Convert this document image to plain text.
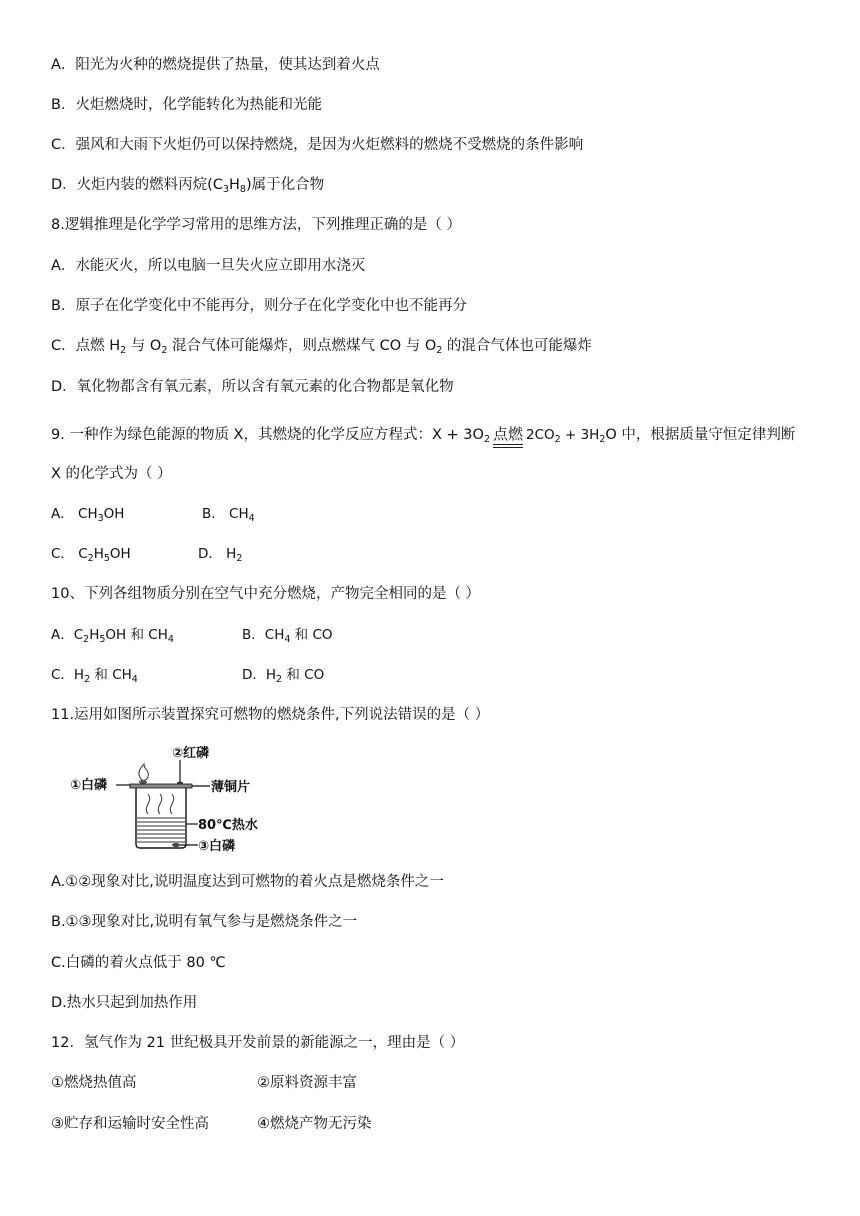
A．阳光为火种的燃烧提供了热量，使其达到着火点
B．火炬燃烧时，化学能转化为热能和光能
C．强风和大雨下火炬仍可以保持燃烧，是因为火炬燃料的燃烧不受燃烧的条件影响
D．火炬内装的燃料丙烷$(C_3H_8)$属于化合物
8.逻辑推理是化学学习常用的思维方法，下列推理正确的是（ ）
A．水能灭火，所以电脑一旦失火应立即用水浇灭
B．原子在化学变化中不能再分，则分子在化学变化中也不能再分
C．点燃 $H_2$ 与 $O_2$ 混合气体可能爆炸，则点燃煤气 CO 与 $O_2$ 的混合气体也可能爆炸
D．氧化物都含有氧元素，所以含有氧元素的化合物都是氧化物
9. 一种作为绿色能源的物质 X，其燃烧的化学反应方程式：$X + 3O_2$ 点燃 $2CO_2 + 3H_2O$ 中，根据质量守恒定律判断
X 的化学式为（ ）
A． $CH_3OH$	B． $CH_4$
C． $C_2H_5OH$	D． $H_2$
10、下列各组物质分别在空气中充分燃烧，产物完全相同的是（ ）
A．$C_2H_5OH$ 和 $CH_4$	B．$CH_4$ 和 CO
C．$H_2$ 和 $CH_4$	D．$H_2$ 和 CO
11.运用如图所示装置探究可燃物的燃烧条件,下列说法错误的是（ ）
②红磷
①白磷	薄铜片
80℃热水
③白磷
A.①②现象对比,说明温度达到可燃物的着火点是燃烧条件之一
B.①③现象对比,说明有氧气参与是燃烧条件之一
C.白磷的着火点低于 80 ℃
D.热水只起到加热作用
12．氢气作为 21 世纪极具开发前景的新能源之一，理由是（ ）
①燃烧热值高	②原料资源丰富
③贮存和运输时安全性高	④燃烧产物无污染
